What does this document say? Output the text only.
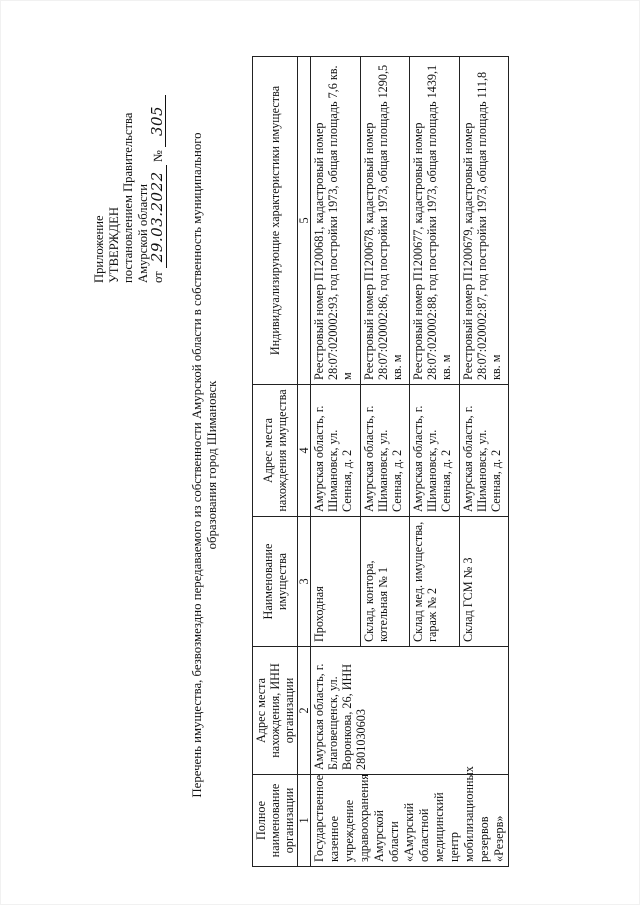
Приложение УТВЕРЖДЕН постановлением Правительства Амурской области от 29.03.2022 № 305
Перечень имущества, безвозмездно передаваемого из собственности Амурской области в собственность муниципального образования город Шимановск
Полное наименование организации	Адрес места нахождения, ИНН организации	Наименование имущества	Адрес места нахождения имущества	Индивидуализирующие характеристики имущества
1	2	3	4	5
Государственное казенное учреждение здравоохранения Амурской области «Амурский областной медицинский центр мобилизационных резервов «Резерв»	Амурская область, г. Благовещенск, ул. Воронкова, 26, ИНН 2801030603	Проходная	Амурская область, г. Шимановск, ул. Сенная, д. 2	Реестровый номер П1200681, кадастровый номер 28:07:020002:93, год постройки 1973, общая площадь 7,6 кв. м
		Склад, контора, котельная № 1	Амурская область, г. Шимановск, ул. Сенная, д. 2	Реестровый номер П1200678, кадастровый номер 28:07:020002:86, год постройки 1973, общая площадь 1290,5 кв. м
		Склад мед. имущества, гараж № 2	Амурская область, г. Шимановск, ул. Сенная, д. 2	Реестровый номер П1200677, кадастровый номер 28:07:020002:88, год постройки 1973, общая площадь 1439,1 кв. м
		Склад ГСМ № 3	Амурская область, г. Шимановск, ул. Сенная, д. 2	Реестровый номер П1200679, кадастровый номер 28:07:020002:87, год постройки 1973, общая площадь 111,8 кв. м
